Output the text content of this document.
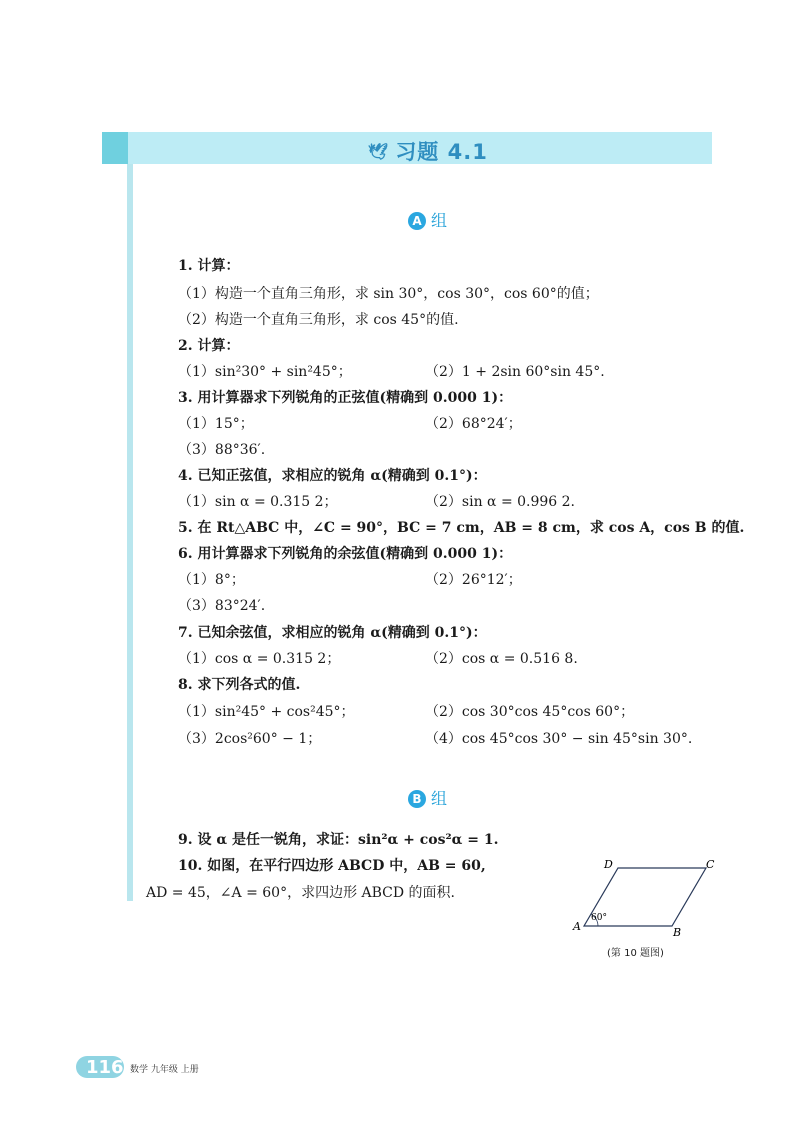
🕊 习题 4.1
A 组
1. 计算：
（1）构造一个直角三角形，求 sin 30°，cos 30°，cos 60°的值；
（2）构造一个直角三角形，求 cos 45°的值.
2. 计算：
（1）sin²30° + sin²45°；	（2）1 + 2sin 60°sin 45°.
3. 用计算器求下列锐角的正弦值(精确到 0.000 1)：
（1）15°；	（2）68°24′；
（3）88°36′.
4. 已知正弦值，求相应的锐角 α(精确到 0.1°)：
（1）sin α = 0.315 2；	（2）sin α = 0.996 2.
5. 在 Rt△ABC 中，∠C = 90°，BC = 7 cm，AB = 8 cm，求 cos A，cos B 的值.
6. 用计算器求下列锐角的余弦值(精确到 0.000 1)：
（1）8°；	（2）26°12′；
（3）83°24′.
7. 已知余弦值，求相应的锐角 α(精确到 0.1°)：
（1）cos α = 0.315 2；	（2）cos α = 0.516 8.
8. 求下列各式的值.
（1）sin²45° + cos²45°；	（2）cos 30°cos 45°cos 60°；
（3）2cos²60° − 1；	（4）cos 45°cos 30° − sin 45°sin 30°.
B 组
9. 设 α 是任一锐角，求证：sin²α + cos²α = 1.
10. 如图，在平行四边形 ABCD 中，AB = 60,
AD = 45，∠A = 60°，求四边形 ABCD 的面积.
A	B
C
D
60°
(第 10 题图)
116 数学 九年级 上册
